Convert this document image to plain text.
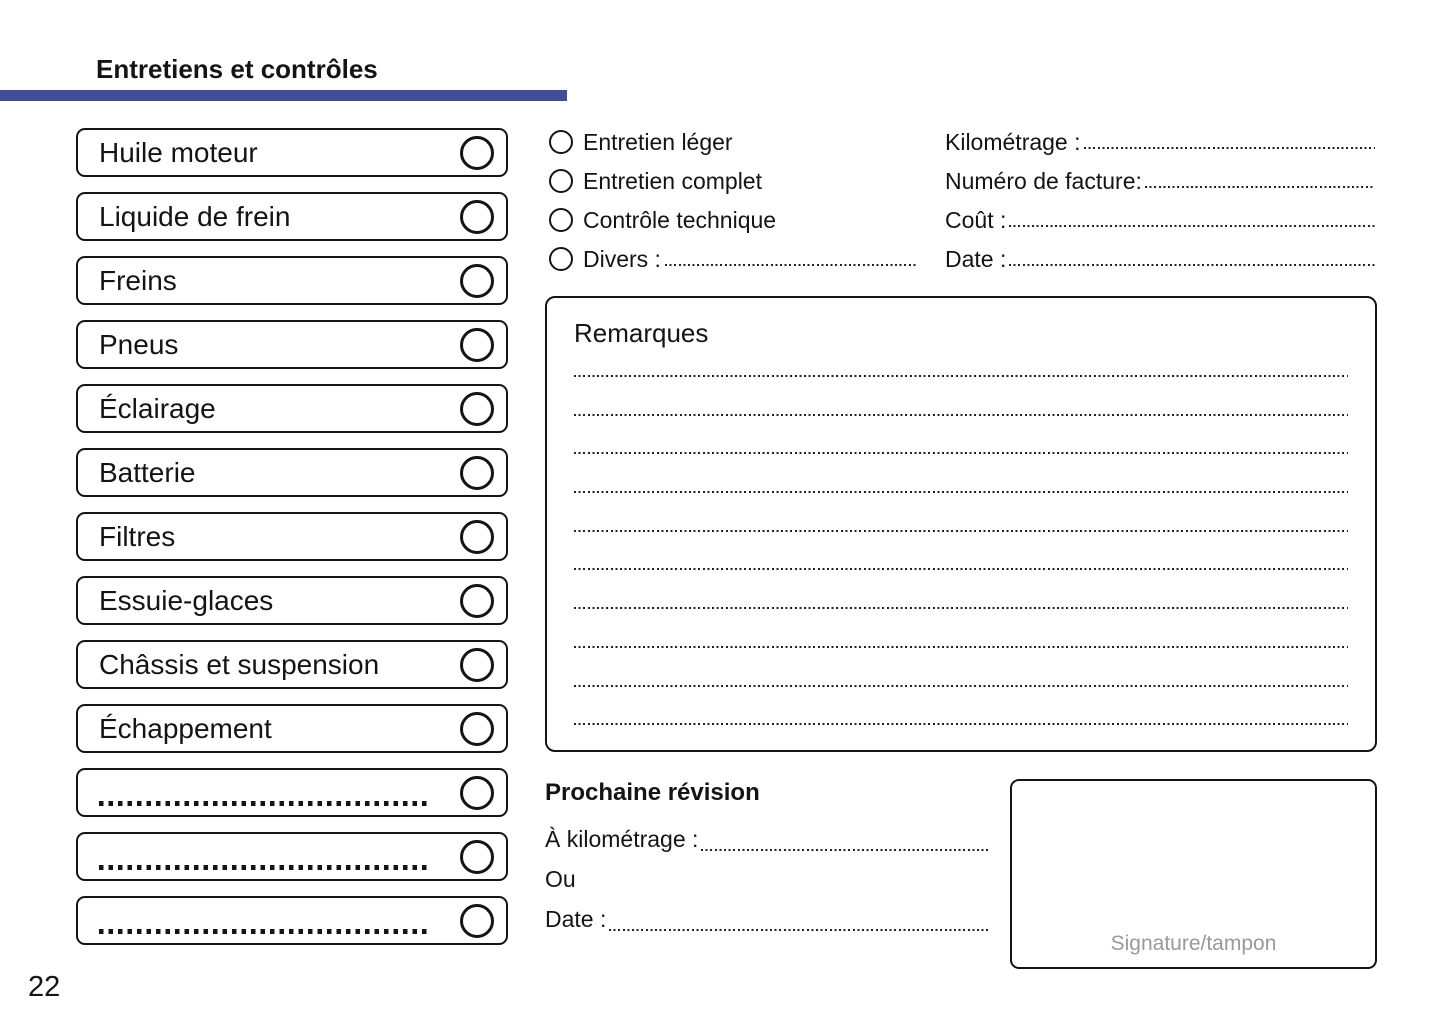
Entretiens et contrôles
Huile moteur
Liquide de frein
Freins
Pneus
Éclairage
Batterie
Filtres
Essuie-glaces
Châssis et suspension
Échappement
Entretien léger
Entretien complet
Contrôle technique
Divers :
Kilométrage :
Numéro de facture:
Coût :
Date :
Remarques
Prochaine révision
À kilométrage :
Ou
Date :
Signature/tampon
22
